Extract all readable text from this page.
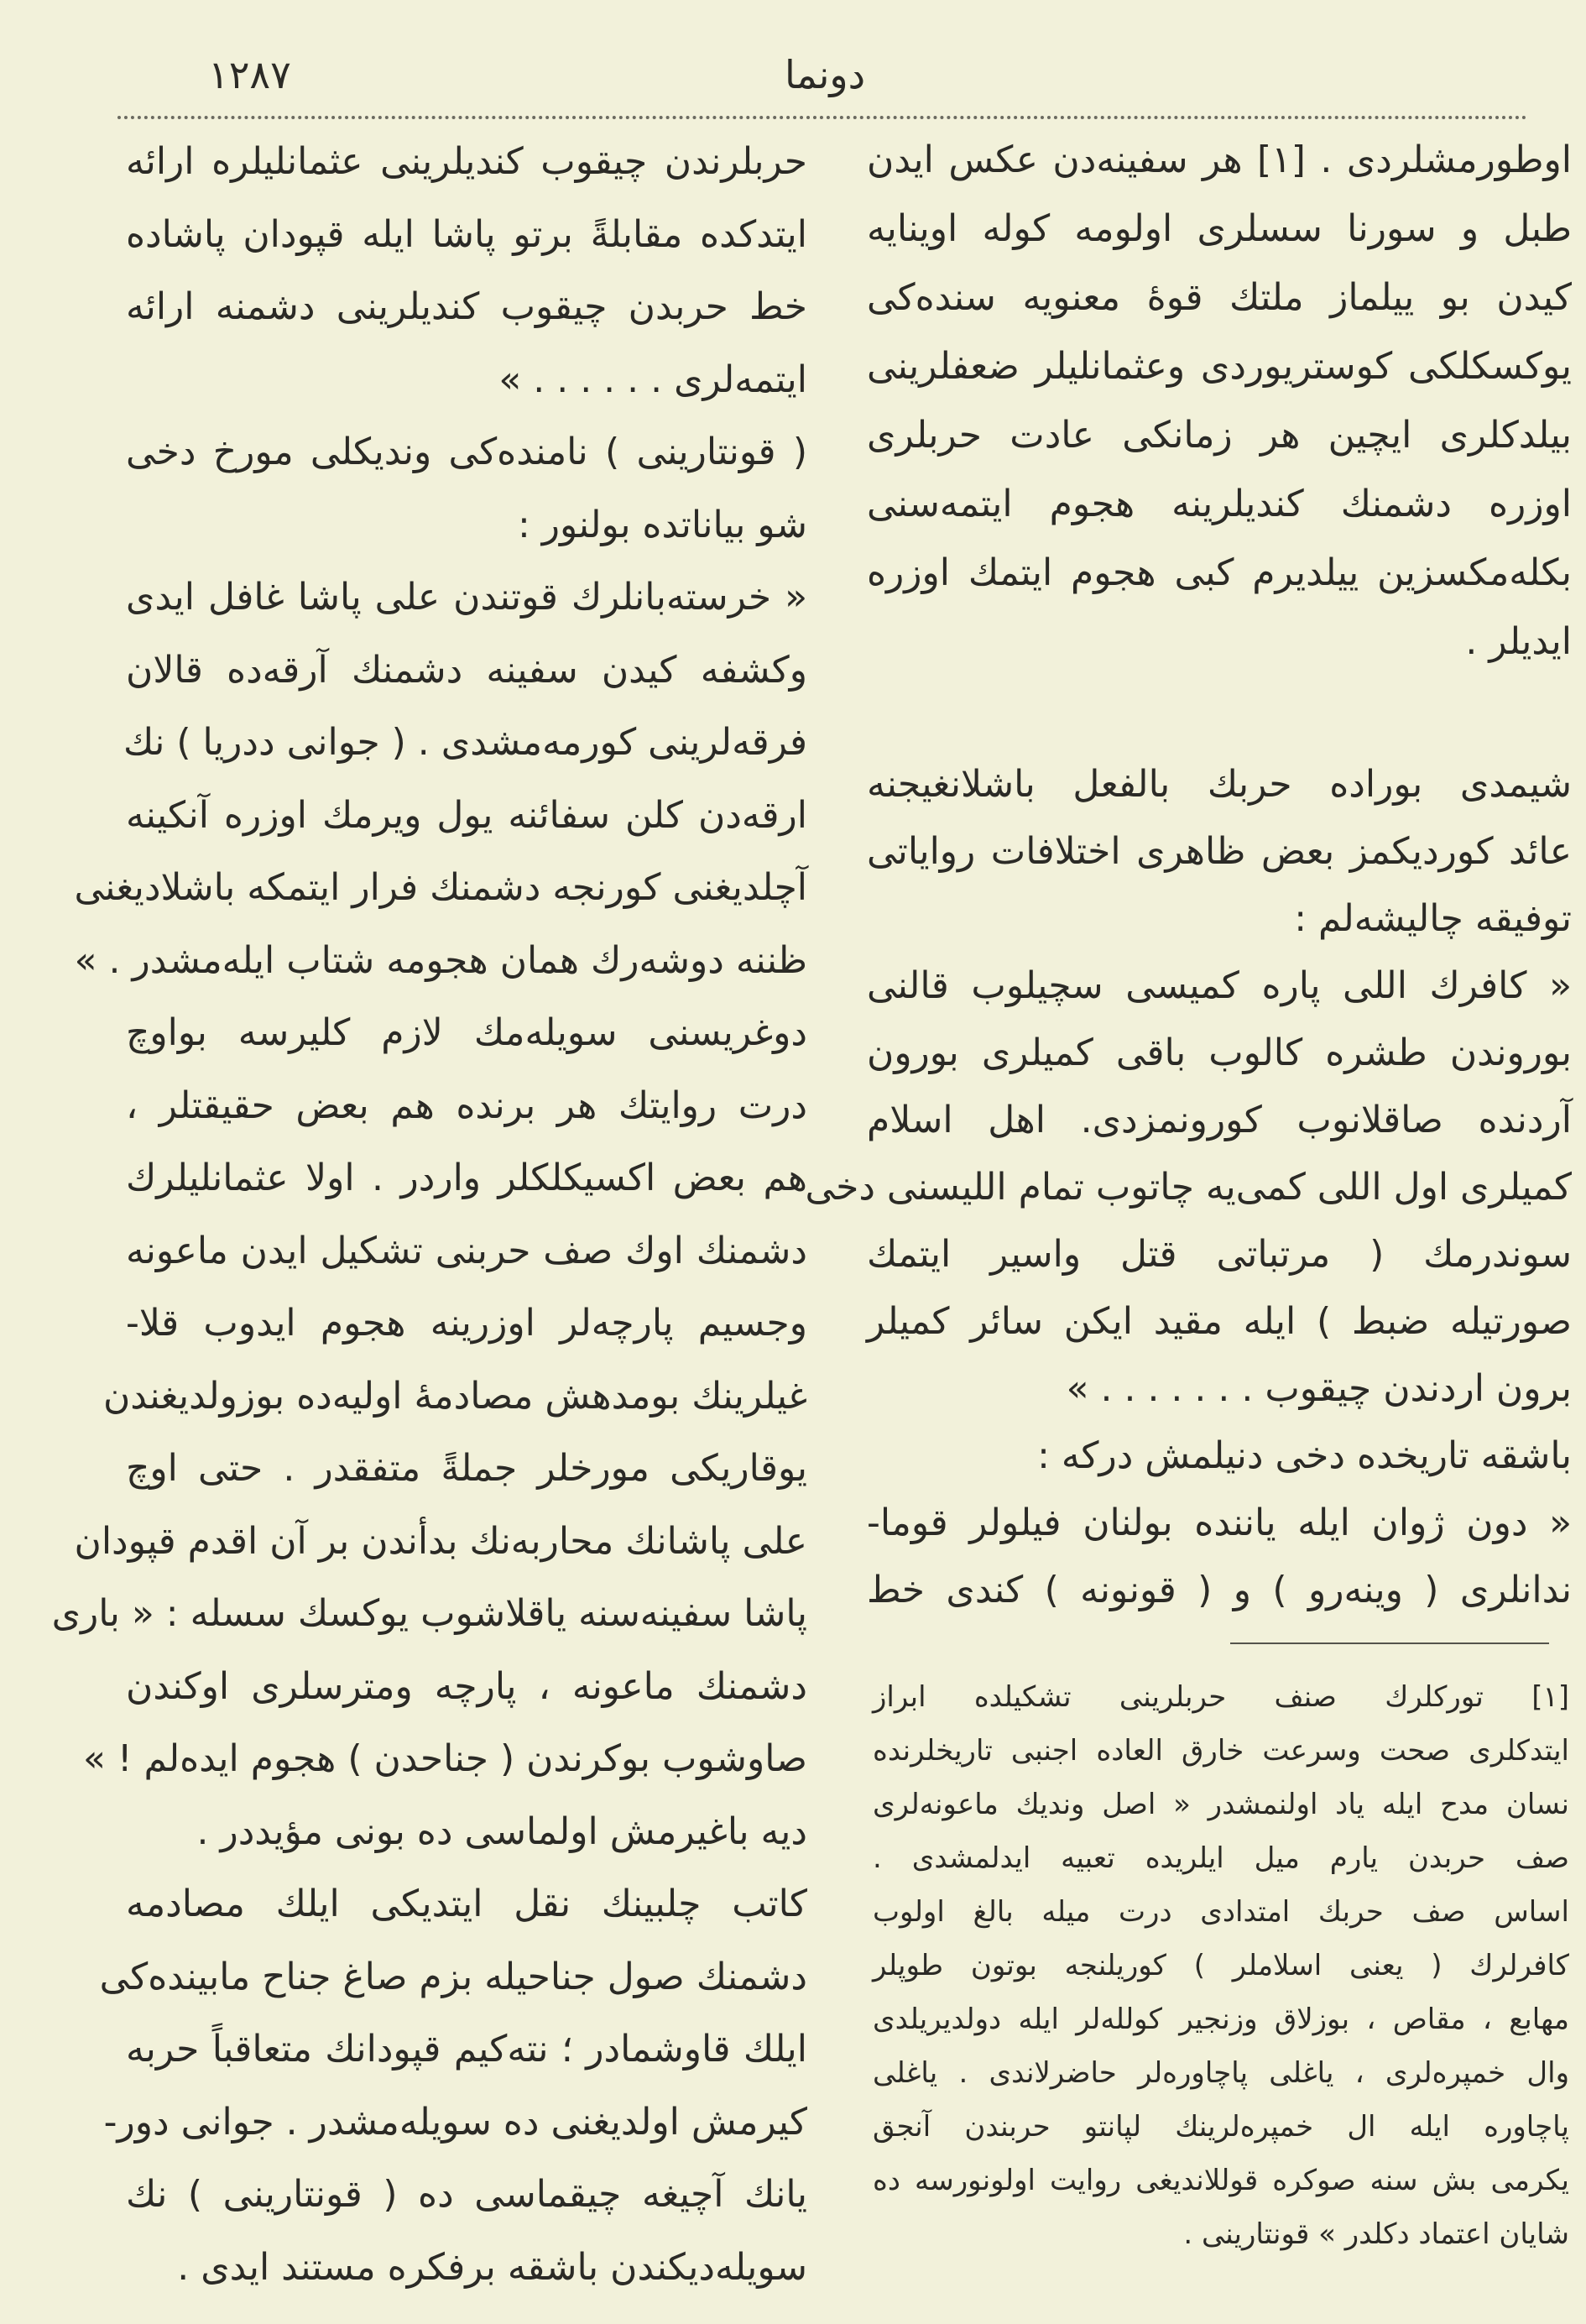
۱۲۸۷	دونما
اوطورمشلردی . [۱] هر سفینه‌دن عکس ایدن
طبل و سورنا سسلری اولومه کوله اوینایه
کیدن بو ییلماز ملتك قوهٔ معنویه سنده‌کی
یوکسکلکی کوستریوردی وعثمانلیلر ضعفلرینی
بیلدکلری ایچین هر زمانکی عادت حربلری
اوزره دشمنك کندیلرینه هجوم ایتمه‌سنی
بکله‌مکسزین ییلدیرم کبی هجوم ایتمك اوزره
ایدیلر .
شیمدی بوراده حربك بالفعل باشلانغیجنه
عائد کوردیکمز بعض ظاهری اختلافات روایاتی
توفیقه چالیشه‌لم :
« کافرك اللی پاره کمیسی سچیلوب قالنی
بوروندن طشره کالوب باقی کمیلری بورون
آردنده صاقلانوب کورونمزدی. اهل اسلام
کمیلری اول اللی کمی‌یه چاتوب تمام اللیسنی دخی
سوندرمك ( مرتباتی قتل واسیر ایتمك
صورتیله ضبط ) ایله مقید ایکن سائر کمیلر
برون اردندن چیقوب . . . . . . . »
باشقه تاریخده دخی دنیلمش درکه :
« دون ژوان ایله یاننده بولنان فیلولر قوما-
ندانلری ( وینه‌رو ) و ( قونونه ) کندی خط
[۱] تورکلرك صنف حربلرینی تشکیلده ابراز
ایتدکلری صحت وسرعت خارق العاده اجنبی تاریخلرنده
نسان مدح ایله یاد اولنمشدر « اصل وندیك ماعونه‌لری
صف حربدن یارم میل ایلریده تعبیه ایدلمشدی .
اساس صف حربك امتدادی درت میله بالغ اولوب
کافرلرك ( یعنی اسلاملر ) کوریلنجه بوتون طوپلر
مهابع ، مقاص ، بوزلاق وزنجیر کولله‌لر ایله دولدیریلدی
وال خمپره‌لری ، یاغلی پاچاوره‌لر حاضرلاندی . یاغلی
پاچاوره ایله ال خمپره‌لرینك لپانتو حربندن آنجق
یکرمی بش سنه صوکره قوللاندیغی روایت اولونورسه ده
شایان اعتماد دکلدر » قونتارینی .
حربلرندن چیقوب کندیلرینی عثمانلیلره ارائه
ایتدکده مقابلةً برتو پاشا ایله قپودان پاشاده
خط حربدن چیقوب کندیلرینی دشمنه ارائه
ایتمه‌لری . . . . . . »
( قونتارینی ) نامنده‌کی وندیکلی مورخ دخی
شو بیاناتده بولنور :
« خرسته‌بانلرك قوتندن علی پاشا غافل ایدی
وکشفه کیدن سفینه دشمنك آرقه‌ده قالان
فرقه‌لرینی کورمه‌مشدی . ( جوانی ددریا ) نك
ارقه‌دن کلن سفائنه یول ویرمك اوزره آنکینه
آچلدیغنی کورنجه دشمنك فرار ایتمکه باشلادیغنی
ظننه دوشه‌رك همان هجومه شتاب ایله‌مشدر . »
دوغریسنی سویله‌مك لازم کلیرسه بواوچ
درت روایتك هر برنده هم بعض حقیقتلر ،
هم بعض اکسیکلکلر واردر . اولا عثمانلیلرك
دشمنك اوك صف حربنی تشکیل ایدن ماعونه
وجسیم پارچه‌لر اوزرینه هجوم ایدوب قلا-
غیلرینك بومدهش مصادمهٔ اولیه‌ده بوزولدیغندن
یوقاریکی مورخلر جملةً متفقدر . حتی اوچ
علی پاشانك محاربه‌نك بدأندن بر آن اقدم قپودان
پاشا سفینه‌سنه یاقلاشوب یوکسك سسله : « باری
دشمنك ماعونه ، پارچه ومترسلری اوکندن
صاوشوب بوکرندن ( جناحدن ) هجوم ایده‌لم ! »
دیه باغیرمش اولماسی ده بونی مؤیددر .
کاتب چلبینك نقل ایتدیکی ایلك مصادمه
دشمنك صول جناحیله بزم صاغ جناح مابینده‌کی
ایلك قاوشمادر ؛ نته‌کیم قپودانك متعاقباً حربه
کیرمش اولدیغنی ده سویله‌مشدر . جوانی دور-
یانك آچیغه چیقماسی ده ( قونتارینی ) نك
سویله‌دیکندن باشقه برفکره مستند ایدی .
